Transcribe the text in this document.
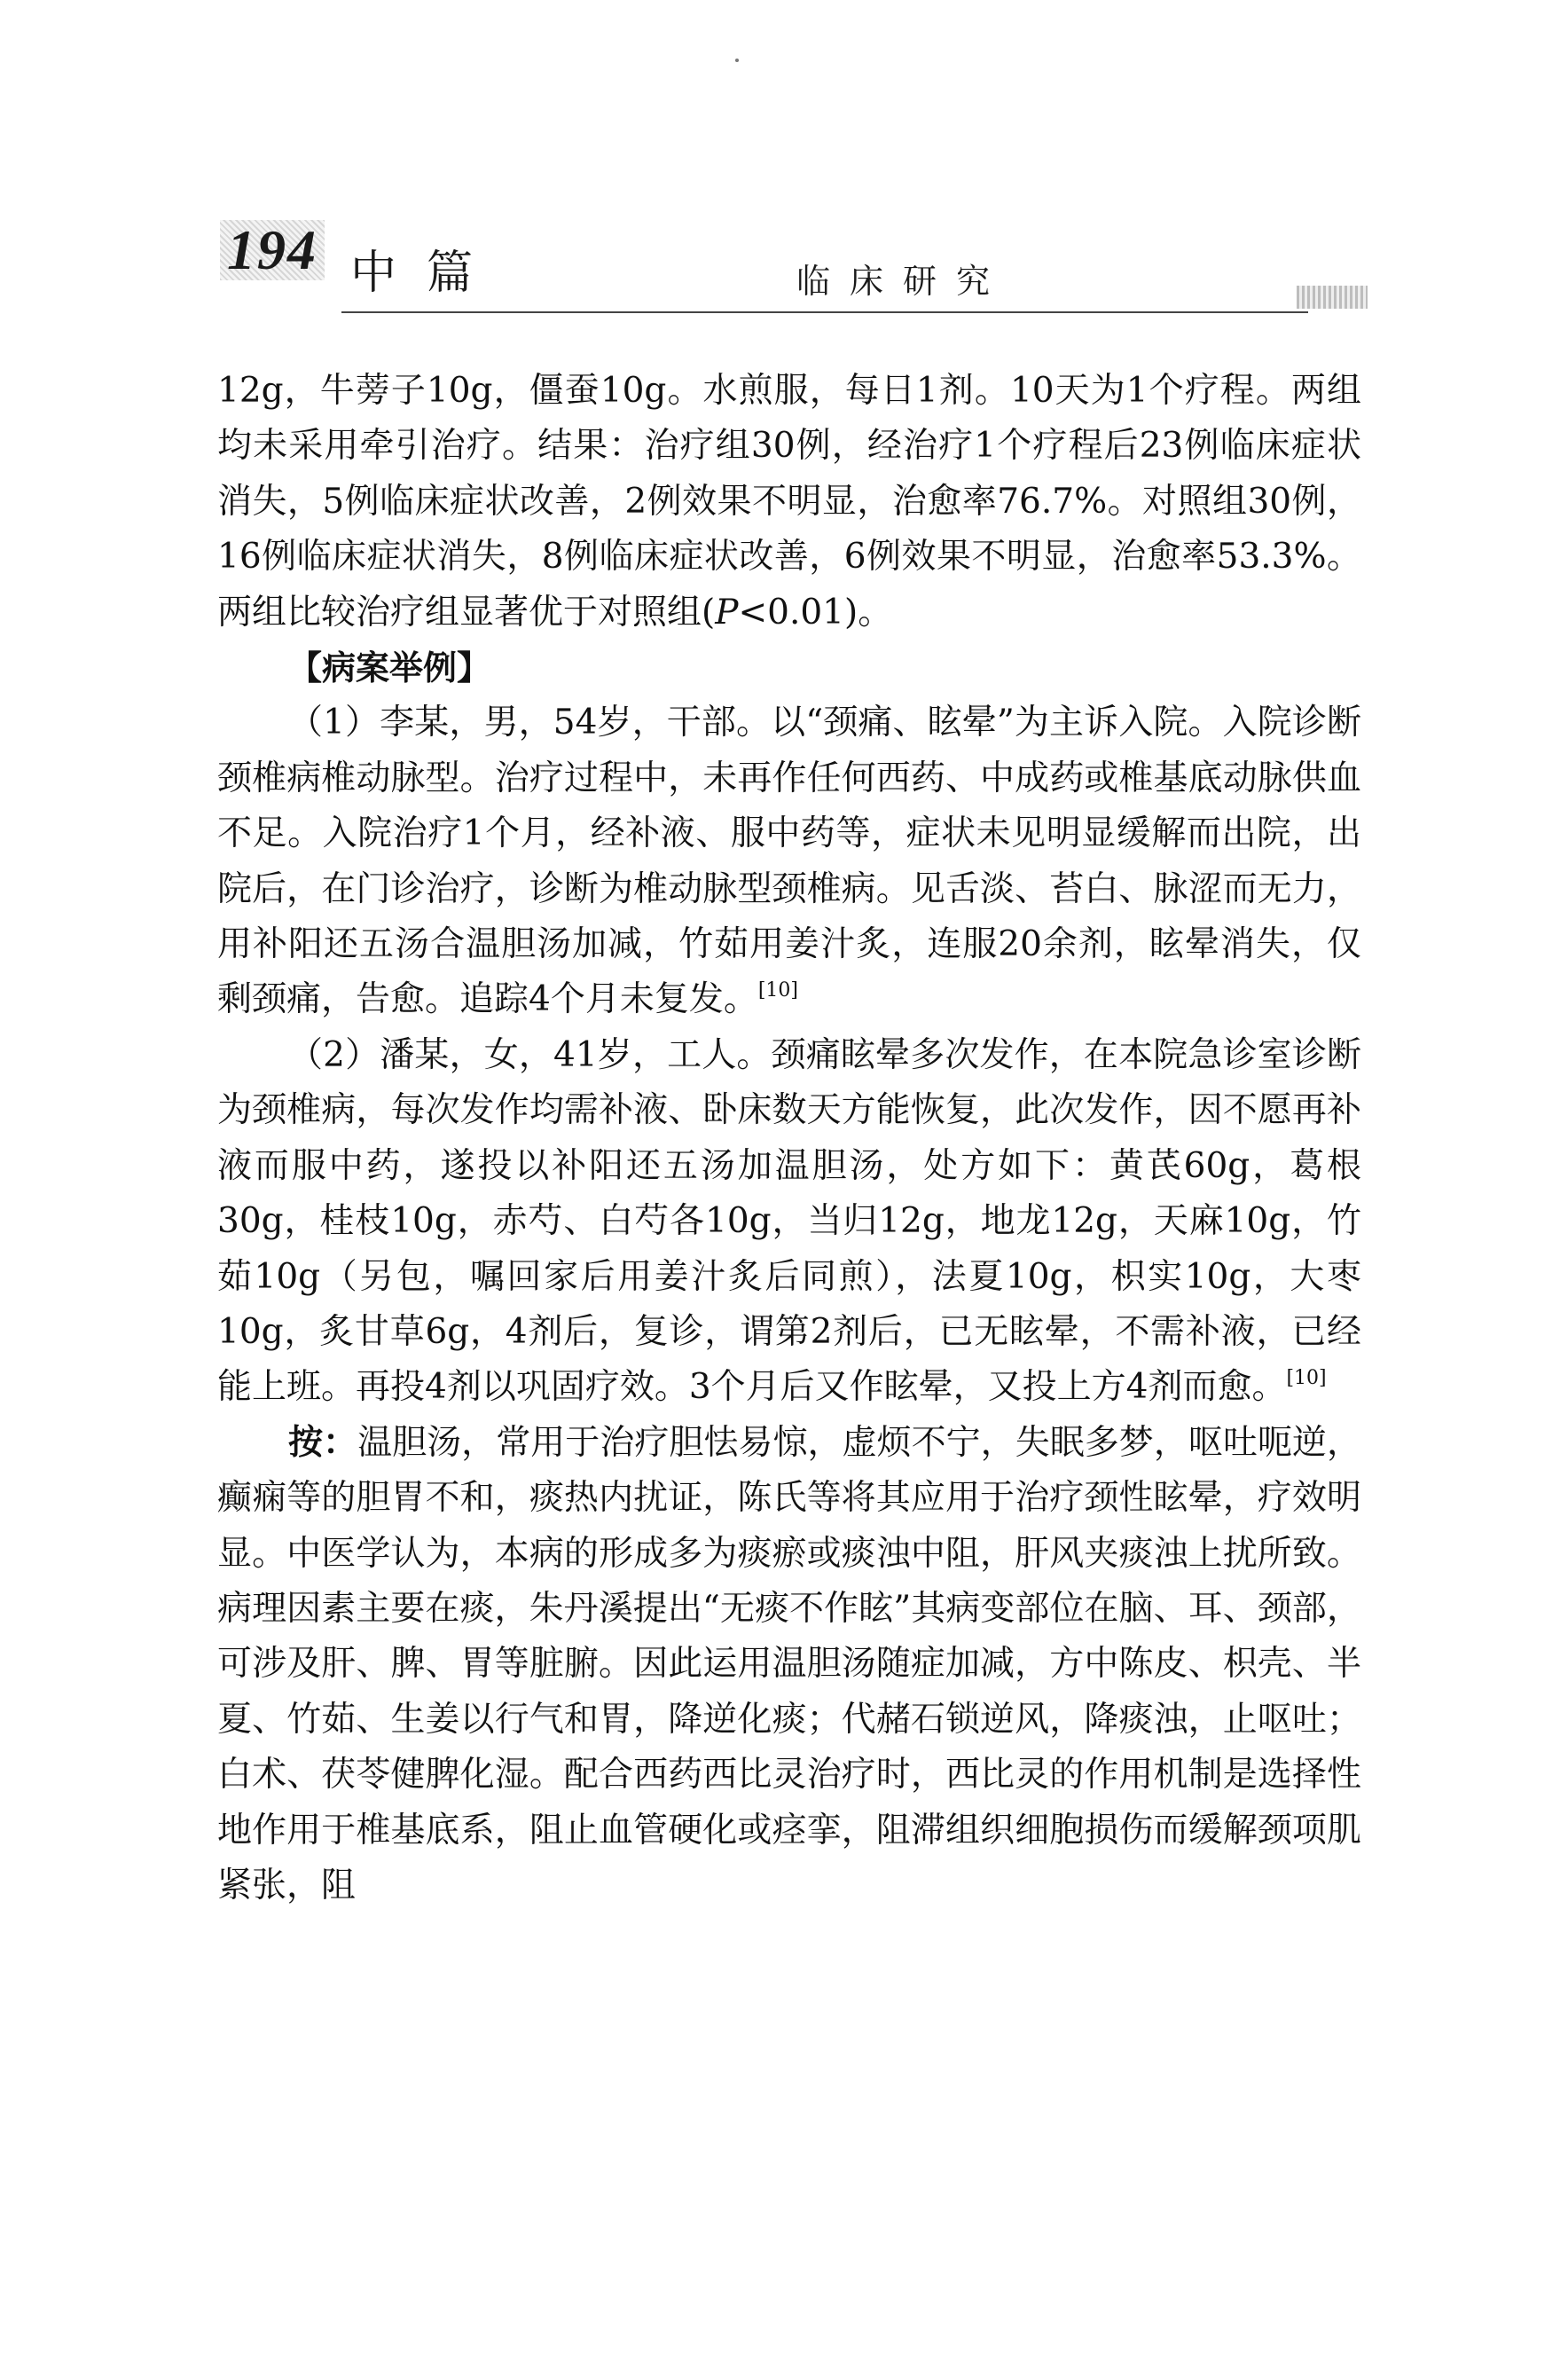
194 中篇	临床研究

12g，牛蒡子10g，僵蚕10g。水煎服，每日1剂。10天为1个疗程。两组均未采用牵引治疗。结果：治疗组30例，经治疗1个疗程后23例临床症状消失，5例临床症状改善，2例效果不明显，治愈率76.7%。对照组30例，16例临床症状消失，8例临床症状改善，6例效果不明显，治愈率53.3%。两组比较治疗组显著优于对照组(P<0.01)。

【病案举例】

（1）李某，男，54岁，干部。以“颈痛、眩晕”为主诉入院。入院诊断颈椎病椎动脉型。治疗过程中，未再作任何西药、中成药或椎基底动脉供血不足。入院治疗1个月，经补液、服中药等，症状未见明显缓解而出院，出院后，在门诊治疗，诊断为椎动脉型颈椎病。见舌淡、苔白、脉涩而无力，用补阳还五汤合温胆汤加减，竹茹用姜汁炙，连服20余剂，眩晕消失，仅剩颈痛，告愈。追踪4个月未复发。[10]

（2）潘某，女，41岁，工人。颈痛眩晕多次发作，在本院急诊室诊断为颈椎病，每次发作均需补液、卧床数天方能恢复，此次发作，因不愿再补液而服中药，遂投以补阳还五汤加温胆汤，处方如下：黄芪60g，葛根30g，桂枝10g，赤芍、白芍各10g，当归12g，地龙12g，天麻10g，竹茹10g（另包，嘱回家后用姜汁炙后同煎），法夏10g，枳实10g，大枣10g，炙甘草6g，4剂后，复诊，谓第2剂后，已无眩晕，不需补液，已经能上班。再投4剂以巩固疗效。3个月后又作眩晕，又投上方4剂而愈。[10]

按：温胆汤，常用于治疗胆怯易惊，虚烦不宁，失眠多梦，呕吐呃逆，癫痫等的胆胃不和，痰热内扰证，陈氏等将其应用于治疗颈性眩晕，疗效明显。中医学认为，本病的形成多为痰瘀或痰浊中阻，肝风夹痰浊上扰所致。病理因素主要在痰，朱丹溪提出“无痰不作眩”其病变部位在脑、耳、颈部，可涉及肝、脾、胃等脏腑。因此运用温胆汤随症加减，方中陈皮、枳壳、半夏、竹茹、生姜以行气和胃，降逆化痰；代赭石锁逆风，降痰浊，止呕吐；白术、茯苓健脾化湿。配合西药西比灵治疗时，西比灵的作用机制是选择性地作用于椎基底系，阻止血管硬化或痉挛，阻滞组织细胞损伤而缓解颈项肌紧张，阻
